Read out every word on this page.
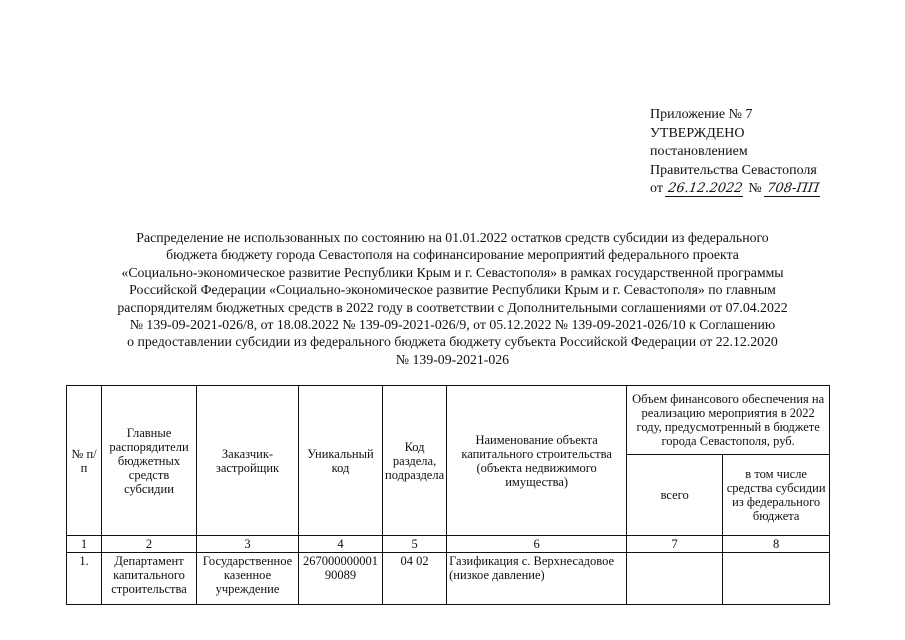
Приложение № 7
УТВЕРЖДЕНО
постановлением
Правительства Севастополя
от 26.12.2022 № 708-ПП
Распределение не использованных по состоянию на 01.01.2022 остатков средств субсидии из федерального
бюджета бюджету города Севастополя на софинансирование мероприятий федерального проекта
«Социально-экономическое развитие Республики Крым и г. Севастополя» в рамках государственной программы
Российской Федерации «Социально-экономическое развитие Республики Крым и г. Севастополя» по главным
распорядителям бюджетных средств в 2022 году в соответствии с Дополнительными соглашениями от 07.04.2022
№ 139-09-2021-026/8, от 18.08.2022 № 139-09-2021-026/9, от 05.12.2022 № 139-09-2021-026/10 к Соглашению
о предоставлении субсидии из федерального бюджета бюджету субъекта Российской Федерации от 22.12.2020
№ 139-09-2021-026
№ п/п	Главные распорядители бюджетных средств субсидии	Заказчик-застройщик	Уникальный код	Код раздела, подраздела	Наименование объекта капитального строительства (объекта недвижимого имущества)	Объем финансового обеспечения на реализацию мероприятия в 2022 году, предусмотренный в бюджете города Севастополя, руб.	
						всего	в том числе средства субсидии из федерального бюджета
1	2	3	4	5	6	7	8
1.	Департамент капитального строительства	Государственное казенное учреждение	26700000000190089	04 02	Газификация с. Верхнесадовое (низкое давление)		
